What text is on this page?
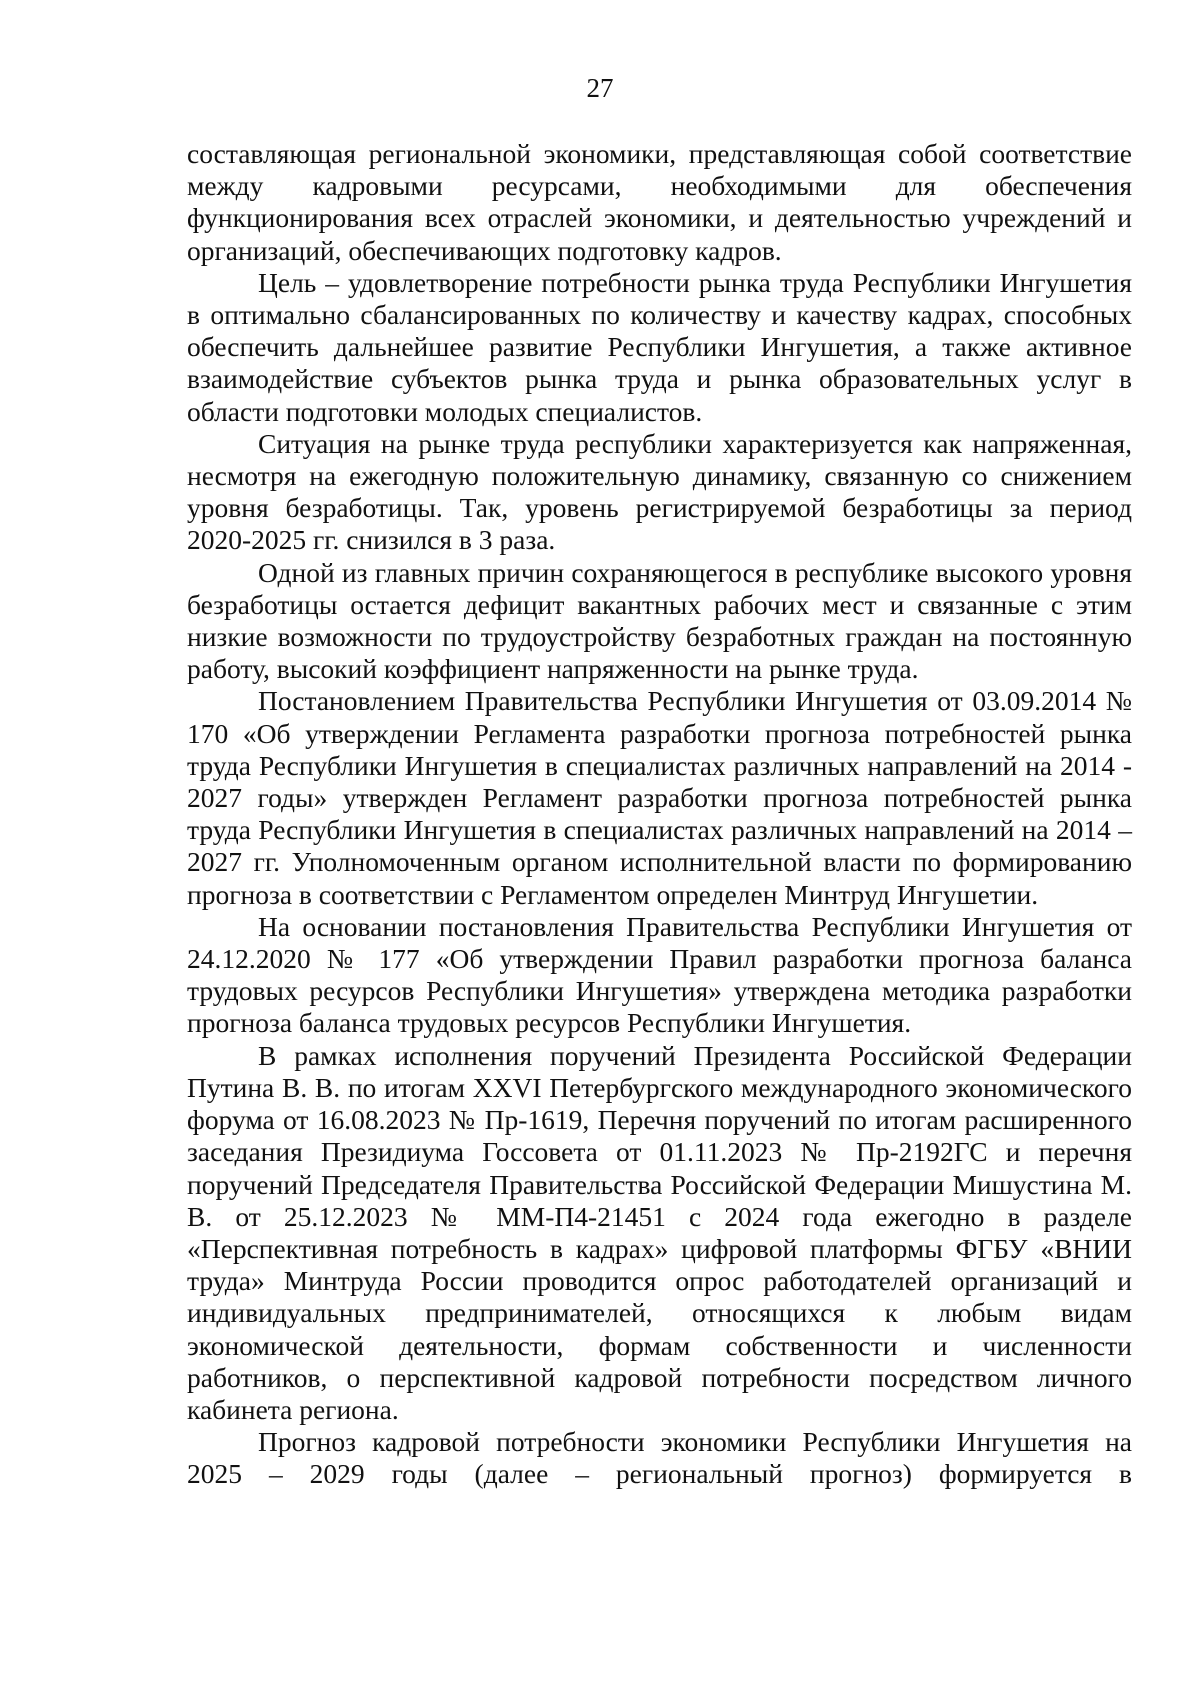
27

составляющая региональной экономики, представляющая собой соответствие между кадровыми ресурсами, необходимыми для обеспечения функционирования всех отраслей экономики, и деятельностью учреждений и организаций, обеспечивающих подготовку кадров.

Цель – удовлетворение потребности рынка труда Республики Ингушетия в оптимально сбалансированных по количеству и качеству кадрах, способных обеспечить дальнейшее развитие Республики Ингушетия, а также активное взаимодействие субъектов рынка труда и рынка образовательных услуг в области подготовки молодых специалистов.

Ситуация на рынке труда республики характеризуется как напряженная, несмотря на ежегодную положительную динамику, связанную со снижением уровня безработицы. Так, уровень регистрируемой безработицы за период 2020-2025 гг. снизился в 3 раза.

Одной из главных причин сохраняющегося в республике высокого уровня безработицы остается дефицит вакантных рабочих мест и связанные с этим низкие возможности по трудоустройству безработных граждан на постоянную работу, высокий коэффициент напряженности на рынке труда.

Постановлением Правительства Республики Ингушетия от 03.09.2014 № 170 «Об утверждении Регламента разработки прогноза потребностей рынка труда Республики Ингушетия в специалистах различных направлений на 2014 - 2027 годы» утвержден Регламент разработки прогноза потребностей рынка труда Республики Ингушетия в специалистах различных направлений на 2014 – 2027 гг. Уполномоченным органом исполнительной власти по формированию прогноза в соответствии с Регламентом определен Минтруд Ингушетии.

На основании постановления Правительства Республики Ингушетия от 24.12.2020 № 177 «Об утверждении Правил разработки прогноза баланса трудовых ресурсов Республики Ингушетия» утверждена методика разработки прогноза баланса трудовых ресурсов Республики Ингушетия.

В рамках исполнения поручений Президента Российской Федерации Путина В. В. по итогам XXVI Петербургского международного экономического форума от 16.08.2023 № Пр-1619, Перечня поручений по итогам расширенного заседания Президиума Госсовета от 01.11.2023 № Пр-2192ГС и перечня поручений Председателя Правительства Российской Федерации Мишустина М. В. от 25.12.2023 № ММ-П4-21451 с 2024 года ежегодно в разделе «Перспективная потребность в кадрах» цифровой платформы ФГБУ «ВНИИ труда» Минтруда России проводится опрос работодателей организаций и индивидуальных предпринимателей, относящихся к любым видам экономической деятельности, формам собственности и численности работников, о перспективной кадровой потребности посредством личного кабинета региона.

Прогноз кадровой потребности экономики Республики Ингушетия на 2025 – 2029 годы (далее – региональный прогноз) формируется в
